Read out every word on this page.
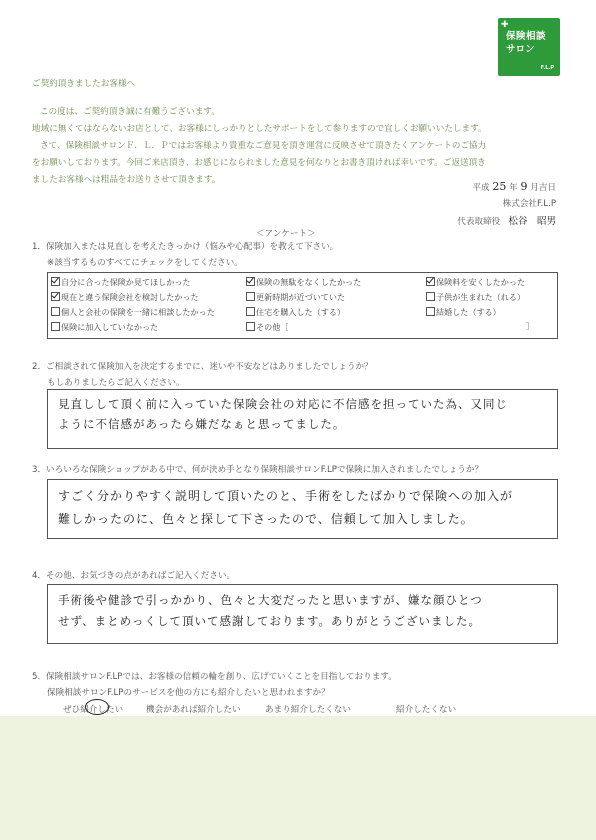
✚
保険相談
サロン
F.L.P
ご契約頂きましたお客様へ
この度は、ご契約頂き誠に有難うございます。
地域に無くてはならないお店として、お客様にしっかりとしたサポートをして参りますので宜しくお願いいたします。
さて、保険相談サロンＦ．Ｌ．Ｐではお客様より貴重なご意見を頂き運営に反映させて頂きたくアンケートのご協力
をお願いしております。今回ご来店頂き、お感じになられました意見を何なりとお書き頂ければ幸いです。ご返送頂き
ましたお客様へは粗品をお送りさせて頂きます。
平成 25 年 9 月吉日
株式会社F.L.P
代表取締役 松谷　昭男
＜アンケート＞
1．保険加入または見直しを考えたきっかけ（悩みや心配事）を教えて下さい。
※該当するものすべてにチェックをしてください。
自分に合った保険か見てほしかった	保険の無駄をなくしたかった	保険料を安くしたかった
現在と違う保険会社を検討したかった	更新時期が近づいていた	子供が生まれた（れる）
個人と会社の保険を一緒に相談したかった	住宅を購入した（する）	結婚した（する）
保険に加入していなかった	その他［	］
2．ご相談されて保険加入を決定するまでに、迷いや不安などはありましたでしょうか？
もしありましたらご記入ください。
見直しして頂く前に入っていた保険会社の対応に不信感を担っていた為、又同じ
ように不信感があったら嫌だなぁと思ってました。
3．いろいろな保険ショップがある中で、何が決め手となり保険相談サロンF.LPで保険に加入されましたでしょうか？
すごく分かりやすく説明して頂いたのと、手術をしたばかりで保険への加入が
難しかったのに、色々と探して下さったので、信頼して加入しました。
4．その他、お気づきの点があればご記入ください。
手術後や健診で引っかかり、色々と大変だったと思いますが、嫌な顔ひとつ
せず、まとめっくして頂いて感謝しております。ありがとうございました。
5．保険相談サロンF.LPでは、お客様の信頼の輪を創り、広げていくことを目指しております。
保険相談サロンF.LPのサービスを他の方にも紹介したいと思われますか？
ぜひ紹介したい	機会があれば紹介したい	あまり紹介したくない	紹介したくない
